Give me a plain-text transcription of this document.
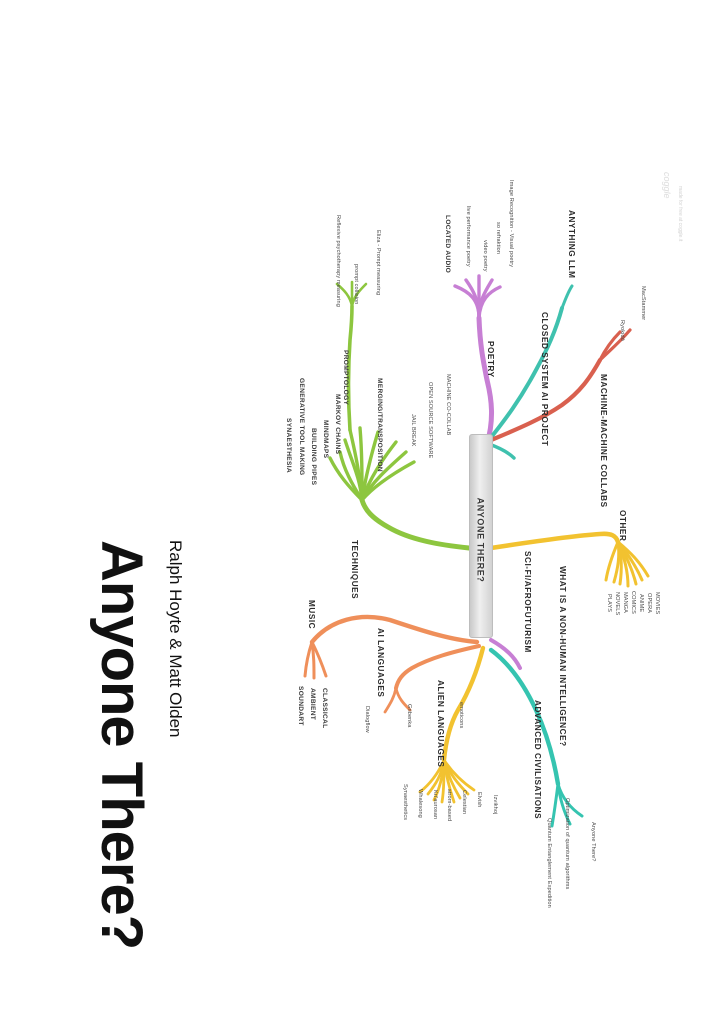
ANYONE THERE?
Anyone There? Ralph Hoyte & Matt Olden
coggle
made for free at coggle.it
POETRY
Image Recognition - Visual poetry
so refraktion
video poetry
live performance poetry
LOCATED AUDIO	ANYTHING LLM
CLOSED SYSTEM AI PROJECT	MACHINE-MACHINE COLLABS
MacStammer
Ryokidó
TECHNIQUES
PROMPTOLOGY
Reflexive psychotherapy measuring	Eliza - Prompt measuring
prompt collision
MERGING/TRANSPOSITION	MACHINE CO-COLLAB
OPEN SOURCE SOFTWARE
JAIL BREAK
MARKOV CHAINS
MINDMAPS
BUILDING PIPES
GENERATIVE TOOL MAKING
SYNAESTHESIA
OTHER
MOVIES
OPERA
ANIME
COMICS
MANGA
NOVELS
PLAYS
WHAT IS A NON-HUMAN INTELLIGENCE?
SCI-FI/AFROFUTURISM
MUSIC
CLASSICAL
AMBIENT
SOUNDART
AI LANGUAGES
Dialogflow	Gribenka	ALIEN LANGUAGES emoticons
Izvikhoj
Elvish
Celestian
strom-based
Kri'aurosan
Whalesong
Synaesthetics	ADVANCED CIVILISATIONS
Anyone There?
Optimization of quantum algorithms
Quantum Entanglement Expedition
